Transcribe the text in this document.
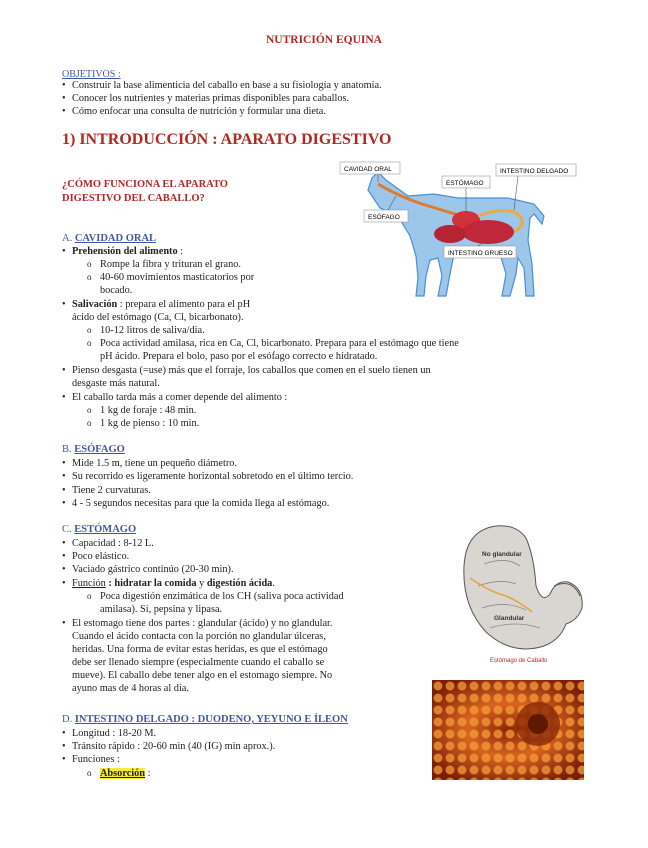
NUTRICIÓN EQUINA
OBJETIVOS :
• Construir la base alimenticia del caballo en base a su fisiología y anatomía.
• Conocer los nutrientes y materias primas disponibles para caballos.
• Cómo enfocar una consulta de nutrición y formular una dieta.
1) INTRODUCCIÓN : APARATO DIGESTIVO
¿CÓMO FUNCIONA EL APARATO
DIGESTIVO DEL CABALLO?
CAVIDAD ORAL
ESTÓMAGO
INTESTINO DELGADO
ESÓFAGO
INTESTINO GRUESO
A. CAVIDAD ORAL
• Prehensión del alimento :
o Rompe la fibra y trituran el grano.
o 40-60 movimientos masticatorios por
bocado.
• Salivación : prepara el alimento para el pH
ácido del estómago (Ca, Cl, bicarbonato).
o 10-12 litros de saliva/día.
o Poca actividad amilasa, rica en Ca, Cl, bicarbonato. Prepara para el estómago que tiene
pH ácido. Prepara el bolo, paso por el esófago correcto e hidratado.
• Pienso desgasta (=use) más que el forraje, los caballos que comen en el suelo tienen un
desgaste más natural.
• El caballo tarda más a comer depende del alimento :
o 1 kg de foraje : 48 min.
o 1 kg de pienso : 10 min.
B. ESÓFAGO
• Mide 1.5 m, tiene un pequeño diámetro.
• Su recorrido es ligeramente horizontal sobretodo en el último tercio.
• Tiene 2 curvaturas.
• 4 - 5 segundos necesitas para que la comida llega al estómago.
C. ESTÓMAGO
• Capacidad : 8-12 L.
• Poco elástico.
• Vaciado gástrico continúo (20-30 min).
• Función : hidratar la comida y digestión ácida.
o Poca digestión enzimática de los CH (saliva poca actividad
amilasa). Si, pepsina y lipasa.
• El estomago tiene dos partes : glandular (ácido) y no glandular.
Cuando el ácido contacta con la porción no glandular úlceras,
heridas. Una forma de evitar estas heridas, es que el estómago
debe ser llenado siempre (especialmente cuando el caballo se
mueve). El caballo debe tener algo en el estomago siempre. No
ayuno mas de 4 horas al día.
No glandular
Glandular
Estómago de Caballo
D. INTESTINO DELGADO : DUODENO, YEYUNO E ÍLEON
• Longitud : 18-20 M.
• Tránsito rápido : 20-60 min (40 (IG) min aprox.).
• Funciones :
o Absorción :
